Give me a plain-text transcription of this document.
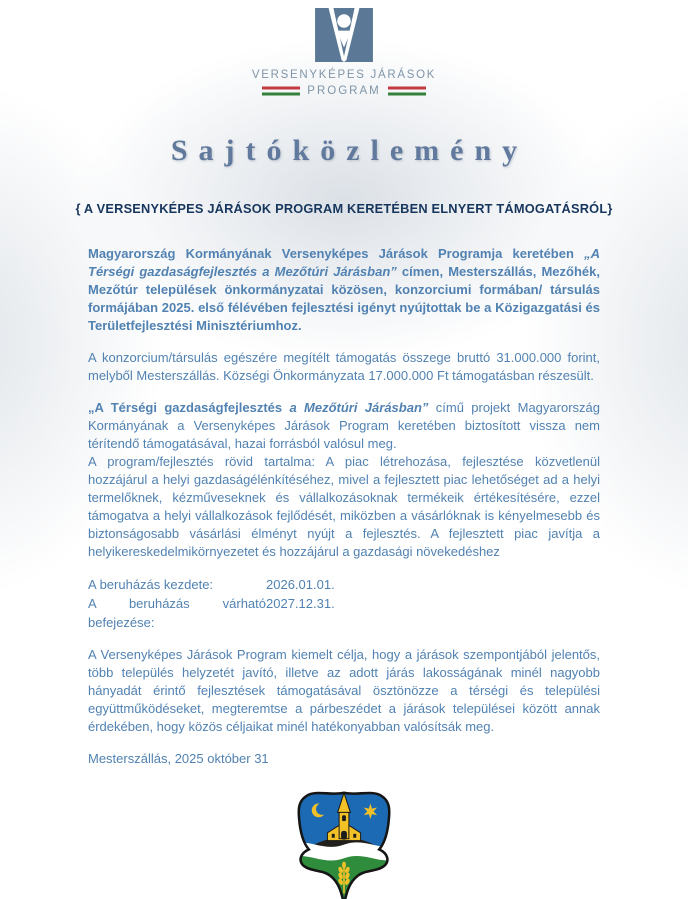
VERSENYKÉPES JÁRÁSOK
PROGRAM
Sajtóközlemény
{ A VERSENYKÉPES JÁRÁSOK PROGRAM KERETÉBEN ELNYERT TÁMOGATÁSRÓL}

Magyarország Kormányának Versenyképes Járások Programja keretében „A Térségi gazdaságfejlesztés a Mezőtúri Járásban” címen, Mesterszállás, Mezőhék, Mezőtúr települések önkormányzatai közösen, konzorciumi formában/ társulás formájában 2025. első félévében fejlesztési igényt nyújtottak be a Közigazgatási és Területfejlesztési Minisztériumhoz.

A konzorcium/társulás egészére megítélt támogatás összege bruttó 31.000.000 forint, melyből Mesterszállás. Községi Önkormányzata 17.000.000 Ft támogatásban részesült.

„A Térségi gazdaságfejlesztés a Mezőtúri Járásban” című projekt Magyarország Kormányának a Versenyképes Járások Program keretében biztosított vissza nem térítendő támogatásával, hazai forrásból valósul meg.

A program/fejlesztés rövid tartalma: A piac létrehozása, fejlesztése közvetlenül hozzájárul a helyi gazdaságélénkítéséhez, mivel a fejlesztett piac lehetőséget ad a helyi termelőknek, kézműveseknek és vállalkozásoknak termékeik értékesítésére, ezzel támogatva a helyi vállalkozások fejlődését, miközben a vásárlóknak is kényelmesebb és biztonságosabb vásárlási élményt nyújt a fejlesztés. A fejlesztett piac javítja a helyikereskedelmikörnyezetet és hozzájárul a gazdasági növekedéshez

A beruházás kezdete:	2026.01.01.
A beruházás várható befejezése:
2027.12.31.

A Versenyképes Járások Program kiemelt célja, hogy a járások szempontjából jelentős, több település helyzetét javító, illetve az adott járás lakosságának minél nagyobb hányadát érintő fejlesztések támogatásával ösztönözze a térségi és települési együttműködéseket, megteremtse a párbeszédet a járások települései között annak érdekében, hogy közös céljaikat minél hatékonyabban valósítsák meg.

Mesterszállás, 2025 október 31
